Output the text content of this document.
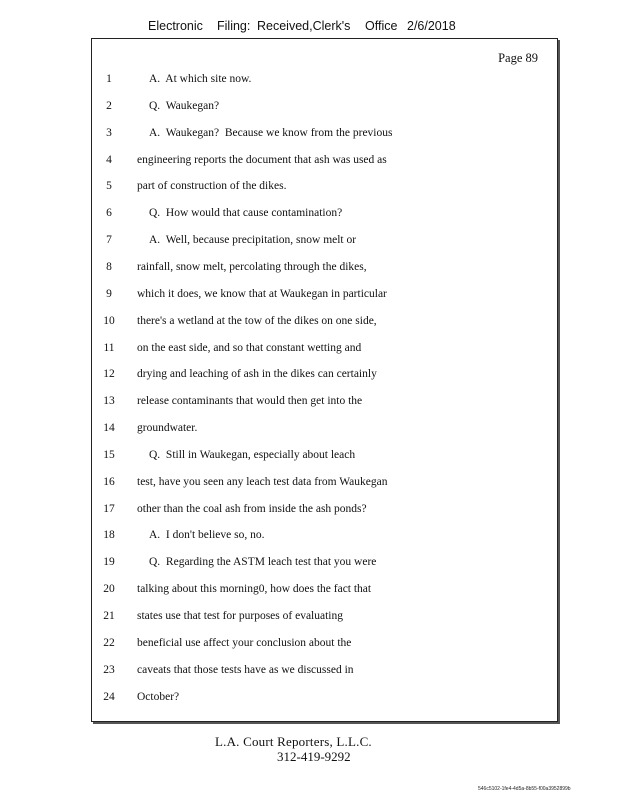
Electronic

Filing:

Received,Clerk's

Office

2/6/2018

Page 89
1	A.  At which site now.
2	Q.  Waukegan?
3	A.  Waukegan?  Because we know from the previous
4	engineering reports the document that ash was used as
5	part of construction of the dikes.
6	Q.  How would that cause contamination?
7	A.  Well, because precipitation, snow melt or
8	rainfall, snow melt, percolating through the dikes,
9	which it does, we know that at Waukegan in particular
10	there's a wetland at the tow of the dikes on one side,
11	on the east side, and so that constant wetting and
12	drying and leaching of ash in the dikes can certainly
13	release contaminants that would then get into the
14	groundwater.
15	Q.  Still in Waukegan, especially about leach
16	test, have you seen any leach test data from Waukegan
17	other than the coal ash from inside the ash ponds?
18	A.  I don't believe so, no.
19	Q.  Regarding the ASTM leach test that you were
20	talking about this morning0, how does the fact that
21	states use that test for purposes of evaluating
22	beneficial use affect your conclusion about the
23	caveats that those tests have as we discussed in
24	October?
L.A. Court Reporters, L.L.C.
312-419-9292
546c5102-1fe4-4d5a-8b55-f00a3952899b
